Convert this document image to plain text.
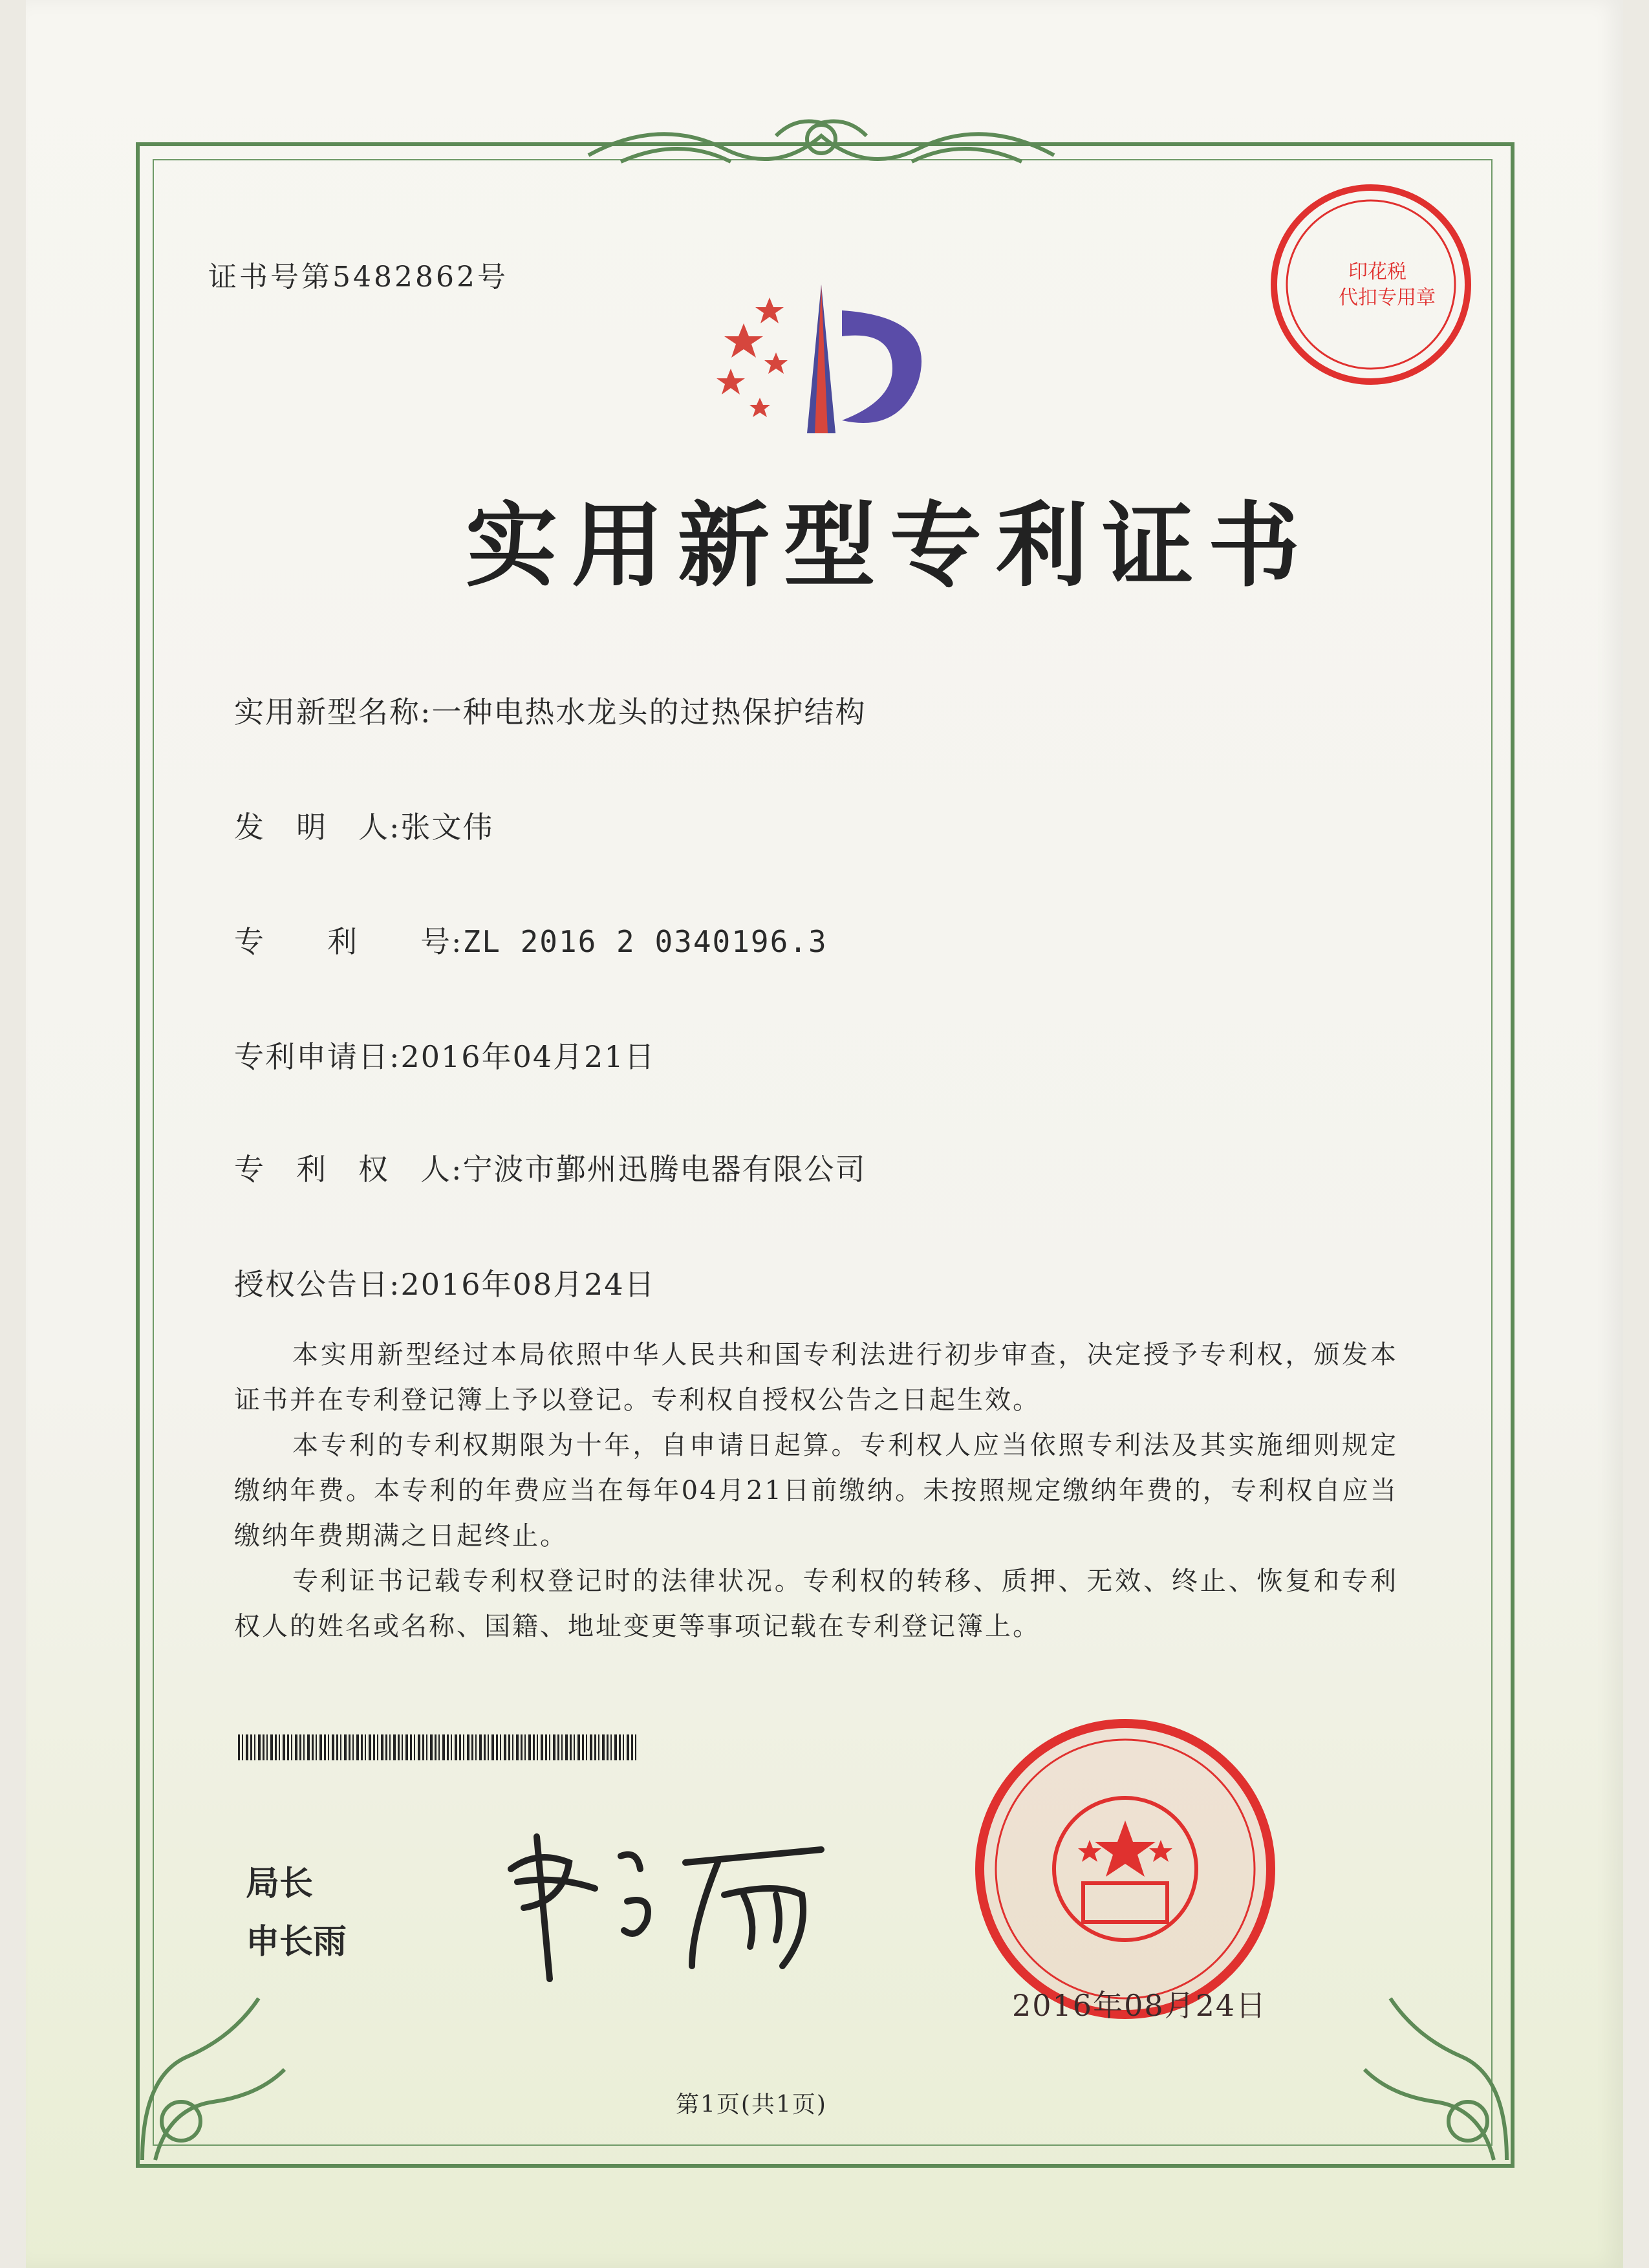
印花税
代扣专用章
证书号第5482862号
实用新型专利证书
实用新型名称:一种电热水龙头的过热保护结构
发　明　人:张文伟
专　　利　　号:ZL 2016 2 0340196.3
专利申请日:2016年04月21日
专　利　权　人:宁波市鄞州迅腾电器有限公司
授权公告日:2016年08月24日
本实用新型经过本局依照中华人民共和国专利法进行初步审查，决定授予专利权，颁发本证书并在专利登记簿上予以登记。专利权自授权公告之日起生效。
本专利的专利权期限为十年，自申请日起算。专利权人应当依照专利法及其实施细则规定缴纳年费。本专利的年费应当在每年04月21日前缴纳。未按照规定缴纳年费的，专利权自应当缴纳年费期满之日起终止。
专利证书记载专利权登记时的法律状况。专利权的转移、质押、无效、终止、恢复和专利权人的姓名或名称、国籍、地址变更等事项记载在专利登记簿上。
局长
申长雨
2016年08月24日
第1页(共1页)
